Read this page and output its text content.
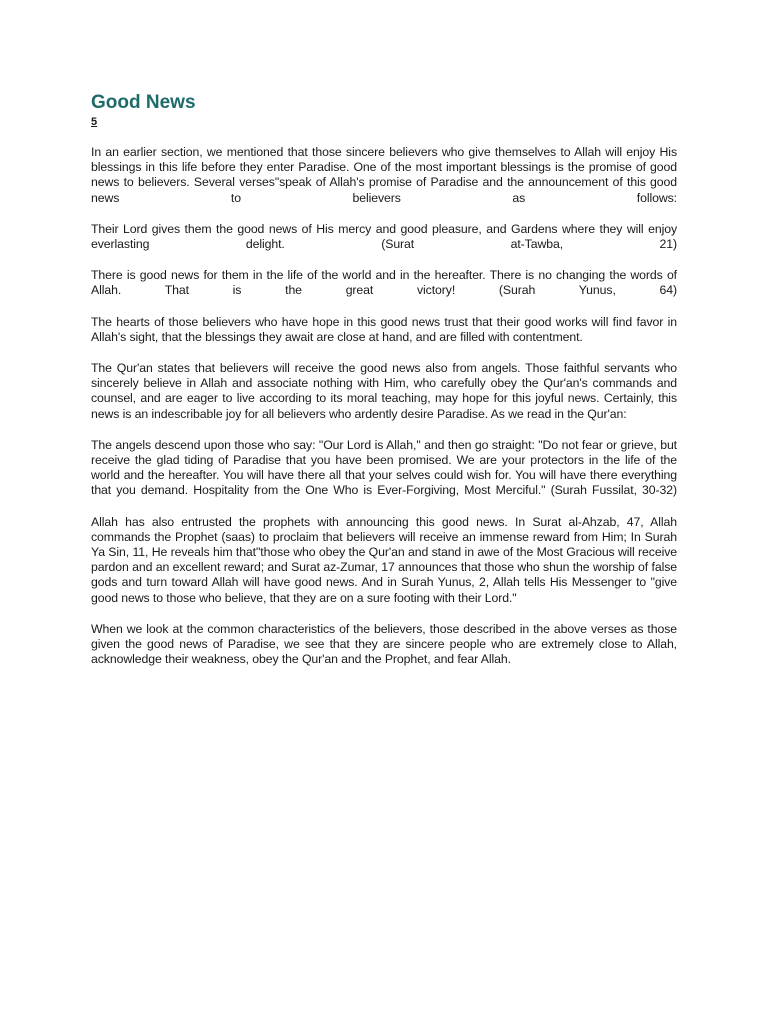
Good News
5

In an earlier section, we mentioned that those sincere believers who give themselves to Allah will enjoy His blessings in this life before they enter Paradise. One of the most important blessings is the promise of good news to believers. Several verses"speak of Allah's promise of Paradise and the announcement of this good news to believers as follows:

Their Lord gives them the good news of His mercy and good pleasure, and Gardens where they will enjoy everlasting delight. (Surat at-Tawba, 21)

There is good news for them in the life of the world and in the hereafter. There is no changing the words of Allah. That is the great victory! (Surah Yunus, 64)

The hearts of those believers who have hope in this good news trust that their good works will find favor in Allah's sight, that the blessings they await are close at hand, and are filled with contentment.

The Qur'an states that believers will receive the good news also from angels. Those faithful servants who sincerely believe in Allah and associate nothing with Him, who carefully obey the Qur'an's commands and counsel, and are eager to live according to its moral teaching, may hope for this joyful news. Certainly, this news is an indescribable joy for all believers who ardently desire Paradise. As we read in the Qur'an:

The angels descend upon those who say: "Our Lord is Allah," and then go straight: "Do not fear or grieve, but receive the glad tiding of Paradise that you have been promised. We are your protectors in the life of the world and the hereafter. You will have there all that your selves could wish for. You will have there everything that you demand. Hospitality from the One Who is Ever-Forgiving, Most Merciful." (Surah Fussilat, 30-32)

Allah has also entrusted the prophets with announcing this good news. In Surat al-Ahzab, 47, Allah commands the Prophet (saas) to proclaim that believers will receive an immense reward from Him; In Surah Ya Sin, 11, He reveals him that"those who obey the Qur'an and stand in awe of the Most Gracious will receive pardon and an excellent reward; and Surat az-Zumar, 17 announces that those who shun the worship of false gods and turn toward Allah will have good news. And in Surah Yunus, 2, Allah tells His Messenger to "give good news to those who believe, that they are on a sure footing with their Lord."

When we look at the common characteristics of the believers, those described in the above verses as those given the good news of Paradise, we see that they are sincere people who are extremely close to Allah, acknowledge their weakness, obey the Qur'an and the Prophet, and fear Allah.
